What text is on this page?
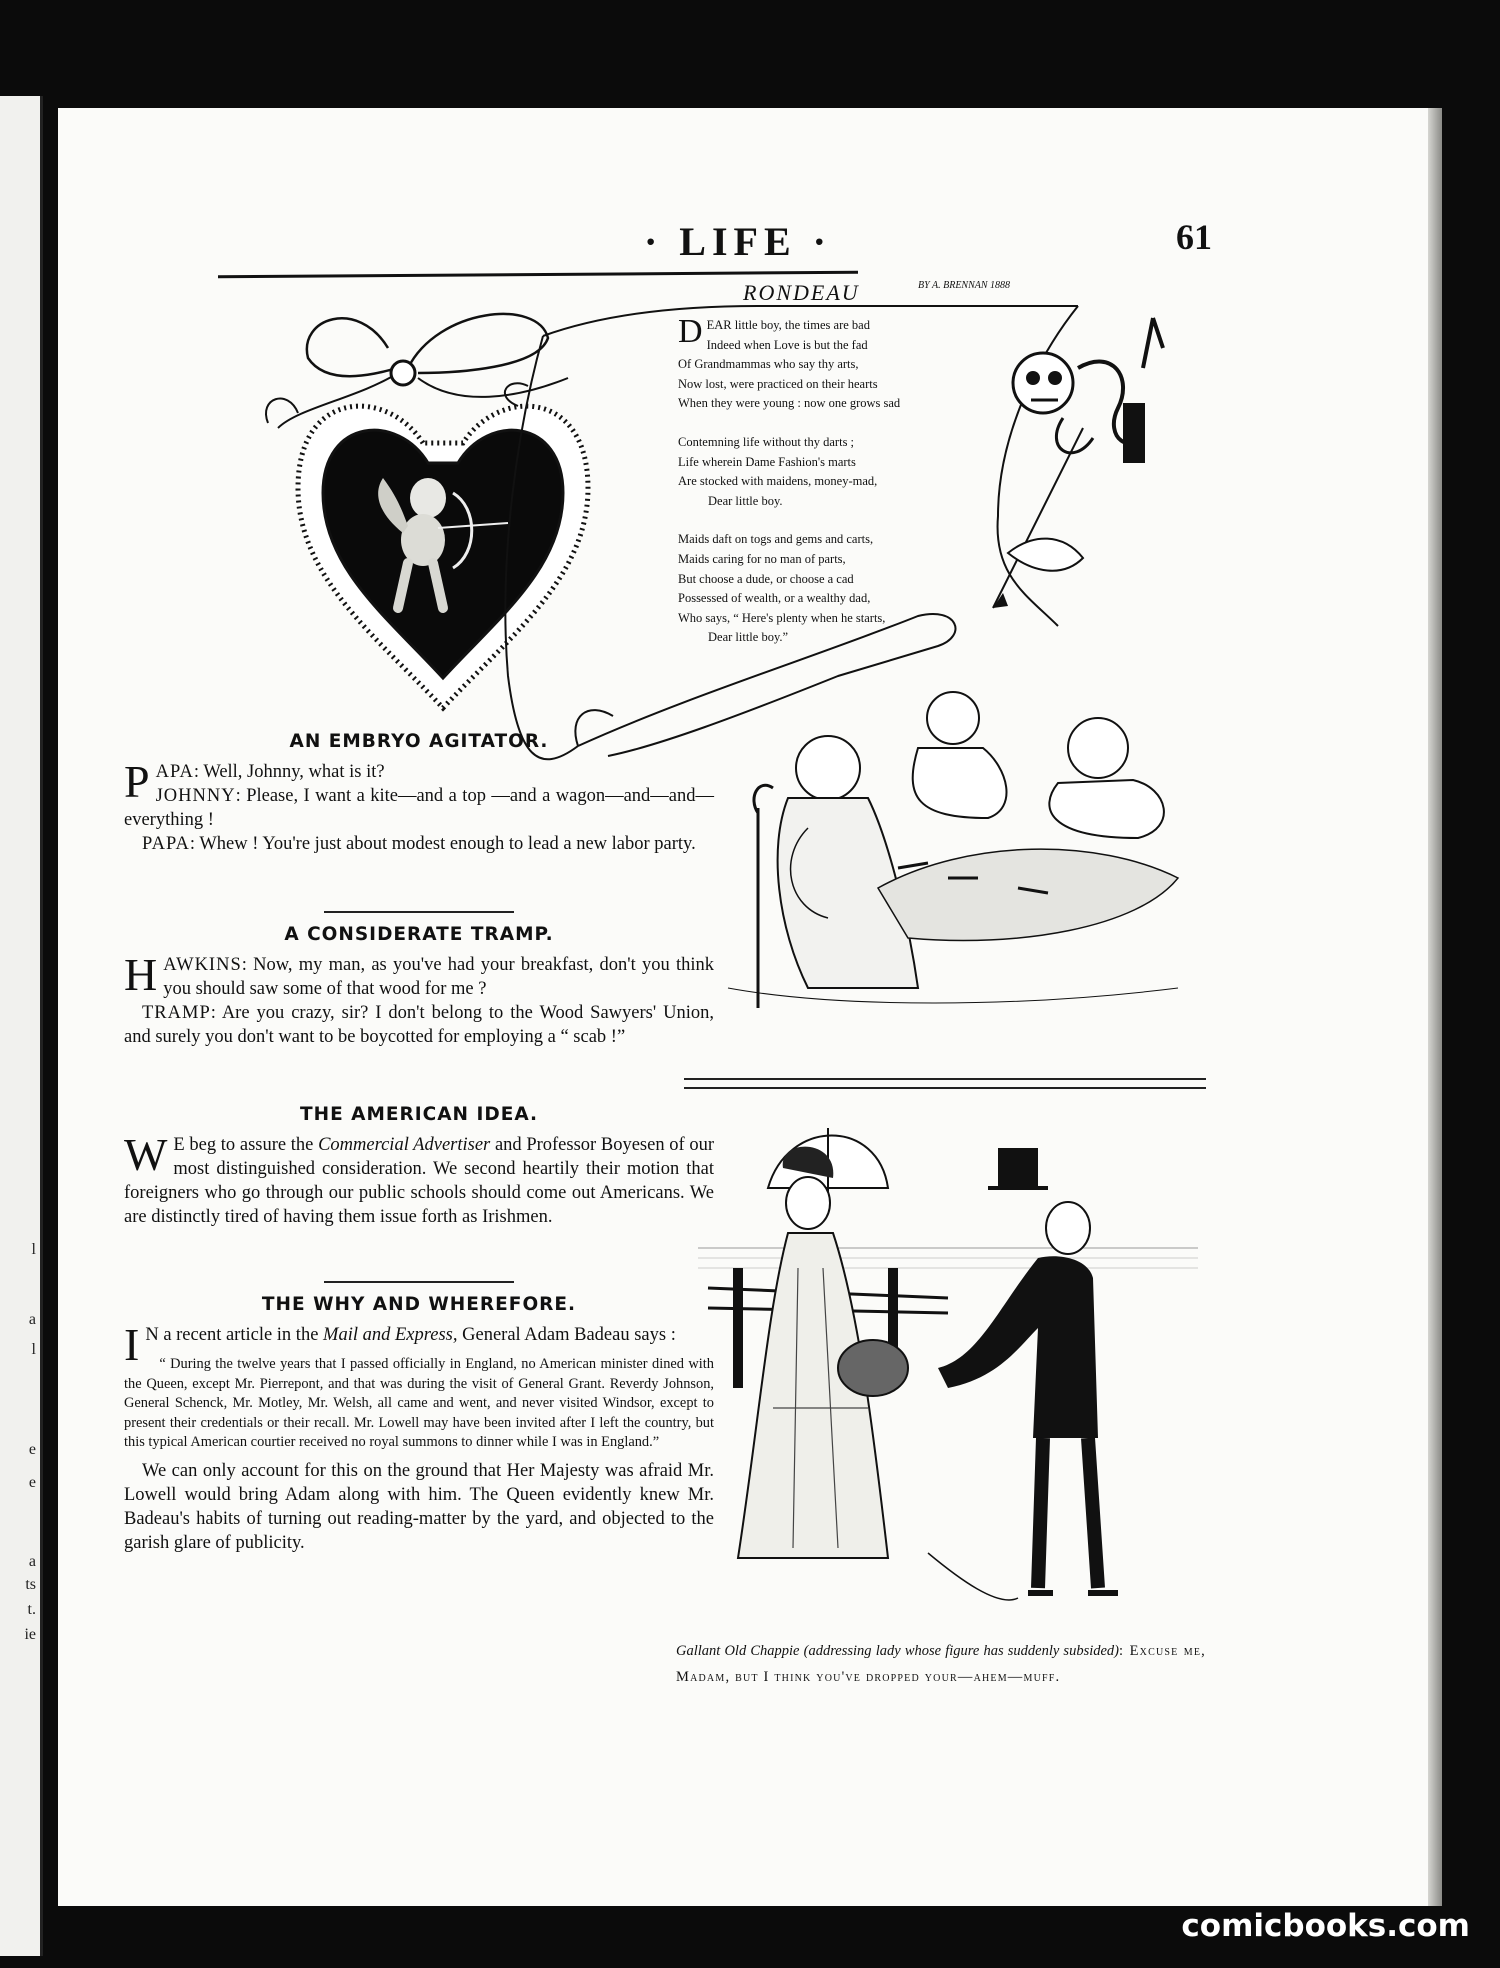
l
a
l
e
e
a
ts
t.
ie
· LIFE ·	61
RONDEAU	BY A. BRENNAN 1888
D EAR little boy, the times are bad
Indeed when Love is but the fad
Of Grandmammas who say thy arts,
Now lost, were practiced on their hearts
When they were young : now one grows sad
Contemning life without thy darts ;
Life wherein Dame Fashion's marts
Are stocked with maidens, money-mad,
Dear little boy.
Maids daft on togs and gems and carts,
Maids caring for no man of parts,
But choose a dude, or choose a cad
Possessed of wealth, or a wealthy dad,
Who says, “ Here's plenty when he starts,
Dear little boy.”
AN EMBRYO AGITATOR.
PAPA: Well, Johnny, what is it?
JOHNNY: Please, I want a kite—and a top —and a wagon—and—and—everything !
PAPA: Whew ! You're just about modest enough to lead a new labor party.
A CONSIDERATE TRAMP.
HAWKINS: Now, my man, as you've had your breakfast, don't you think you should saw some of that wood for me ?
TRAMP: Are you crazy, sir? I don't belong to the Wood Sawyers' Union, and surely you don't want to be boycotted for employing a “ scab !”
THE AMERICAN IDEA.
W E beg to assure the Commercial Advertiser and Professor Boyesen of our most distinguished consideration. We second heartily their motion that foreigners who go through our public schools should come out Americans. We are distinctly tired of having them issue forth as Irishmen.
THE WHY AND WHEREFORE.
I N a recent article in the Mail and Express, General Adam Badeau says :
“ During the twelve years that I passed officially in England, no American minister dined with the Queen, except Mr. Pierrepont, and that was during the visit of General Grant. Reverdy Johnson, General Schenck, Mr. Motley, Mr. Welsh, all came and went, and never visited Windsor, except to present their credentials or their recall. Mr. Lowell may have been invited after I left the country, but this typical American courtier received no royal summons to dinner while I was in England.”
We can only account for this on the ground that Her Majesty was afraid Mr. Lowell would bring Adam along with him. The Queen evidently knew Mr. Badeau's habits of turning out reading-matter by the yard, and objected to the garish glare of publicity.
Gallant Old Chappie (addressing lady whose figure has suddenly subsided): Excuse me, Madam, but I think you've dropped your—ahem—muff.
comicbooks.com
